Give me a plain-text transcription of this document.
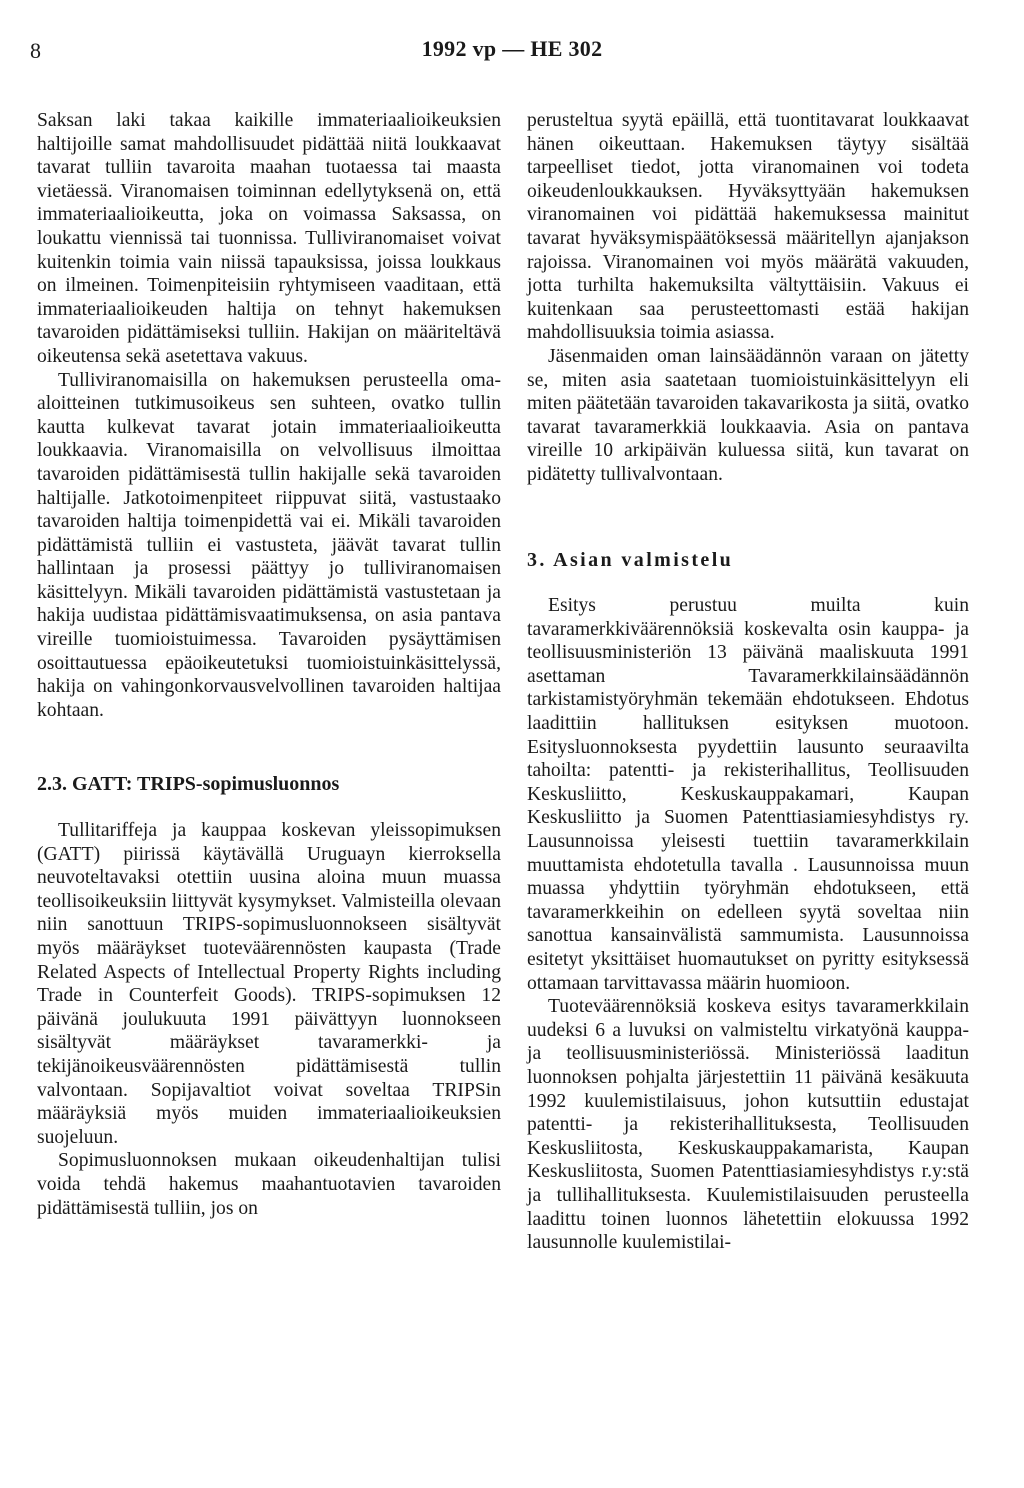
8	1992 vp — HE 302

Saksan laki takaa kaikille immateriaalioikeuksien haltijoille samat mahdollisuudet pidättää niitä loukkaavat tavarat tulliin tavaroita maahan tuotaessa tai maasta vietäessä. Viranomaisen toiminnan edellytyksenä on, että immateriaalioikeutta, joka on voimassa Saksassa, on loukattu viennissä tai tuonnissa. Tulliviranomaiset voivat kuitenkin toimia vain niissä tapauksissa, joissa loukkaus on ilmeinen. Toimenpiteisiin ryhtymiseen vaaditaan, että immateriaalioikeuden haltija on tehnyt hakemuksen tavaroiden pidättämiseksi tulliin. Hakijan on määriteltävä oikeutensa sekä asetettava vakuus.

Tulliviranomaisilla on hakemuksen perusteella oma-aloitteinen tutkimusoikeus sen suhteen, ovatko tullin kautta kulkevat tavarat jotain immateriaalioikeutta loukkaavia. Viranomaisilla on velvollisuus ilmoittaa tavaroiden pidättämisestä tullin hakijalle sekä tavaroiden haltijalle. Jatkotoimenpiteet riippuvat siitä, vastustaako tavaroiden haltija toimenpidettä vai ei. Mikäli tavaroiden pidättämistä tulliin ei vastusteta, jäävät tavarat tullin hallintaan ja prosessi päättyy jo tulliviranomaisen käsittelyyn. Mikäli tavaroiden pidättämistä vastustetaan ja hakija uudistaa pidättämisvaatimuksensa, on asia pantava vireille tuomioistuimessa. Tavaroiden pysäyttämisen osoittautuessa epäoikeutetuksi tuomioistuinkäsittelyssä, hakija on vahingonkorvausvelvollinen tavaroiden haltijaa kohtaan.

2.3. GATT: TRIPS-sopimusluonnos

Tullitariffeja ja kauppaa koskevan yleissopimuksen (GATT) piirissä käytävällä Uruguayn kierroksella neuvoteltavaksi otettiin uusina aloina muun muassa teollisoikeuksiin liittyvät kysymykset. Valmisteilla olevaan niin sanottuun TRIPS-sopimusluonnokseen sisältyvät myös määräykset tuoteväärennösten kaupasta (Trade Related Aspects of Intellectual Property Rights including Trade in Counterfeit Goods). TRIPS-sopimuksen 12 päivänä joulukuuta 1991 päivättyyn luonnokseen sisältyvät määräykset tavaramerkki- ja tekijänoikeusväärennösten pidättämisestä tullin valvontaan. Sopijavaltiot voivat soveltaa TRIPSin määräyksiä myös muiden immateriaalioikeuksien suojeluun.

Sopimusluonnoksen mukaan oikeudenhaltijan tulisi voida tehdä hakemus maahantuotavien tavaroiden pidättämisestä tulliin, jos on

perusteltua syytä epäillä, että tuontitavarat loukkaavat hänen oikeuttaan. Hakemuksen täytyy sisältää tarpeelliset tiedot, jotta viranomainen voi todeta oikeudenloukkauksen. Hyväksyttyään hakemuksen viranomainen voi pidättää hakemuksessa mainitut tavarat hyväksymispäätöksessä määritellyn ajanjakson rajoissa. Viranomainen voi myös määrätä vakuuden, jotta turhilta hakemuksilta vältyttäisiin. Vakuus ei kuitenkaan saa perusteettomasti estää hakijan mahdollisuuksia toimia asiassa.

Jäsenmaiden oman lainsäädännön varaan on jätetty se, miten asia saatetaan tuomioistuinkäsittelyyn eli miten päätetään tavaroiden takavarikosta ja siitä, ovatko tavarat tavaramerkkiä loukkaavia. Asia on pantava vireille 10 arkipäivän kuluessa siitä, kun tavarat on pidätetty tullivalvontaan.

3. Asian valmistelu

Esitys perustuu muilta kuin tavaramerkkiväärennöksiä koskevalta osin kauppa- ja teollisuusministeriön 13 päivänä maaliskuuta 1991 asettaman Tavaramerkkilainsäädännön tarkistamistyöryhmän tekemään ehdotukseen. Ehdotus laadittiin hallituksen esityksen muotoon. Esitysluonnoksesta pyydettiin lausunto seuraavilta tahoilta: patentti- ja rekisterihallitus, Teollisuuden Keskusliitto, Keskuskauppakamari, Kaupan Keskusliitto ja Suomen Patenttiasiamiesyhdistys ry. Lausunnoissa yleisesti tuettiin tavaramerkkilain muuttamista ehdotetulla tavalla . Lausunnoissa muun muassa yhdyttiin työryhmän ehdotukseen, että tavaramerkkeihin on edelleen syytä soveltaa niin sanottua kansainvälistä sammumista. Lausunnoissa esitetyt yksittäiset huomautukset on pyritty esityksessä ottamaan tarvittavassa määrin huomioon.

Tuoteväärennöksiä koskeva esitys tavaramerkkilain uudeksi 6 a luvuksi on valmisteltu virkatyönä kauppa- ja teollisuusministeriössä. Ministeriössä laaditun luonnoksen pohjalta järjestettiin 11 päivänä kesäkuuta 1992 kuulemistilaisuus, johon kutsuttiin edustajat patentti- ja rekisterihallituksesta, Teollisuuden Keskusliitosta, Keskuskauppakamarista, Kaupan Keskusliitosta, Suomen Patenttiasiamiesyhdistys r.y:stä ja tullihallituksesta. Kuulemistilaisuuden perusteella laadittu toinen luonnos lähetettiin elokuussa 1992 lausunnolle kuulemistilai-
